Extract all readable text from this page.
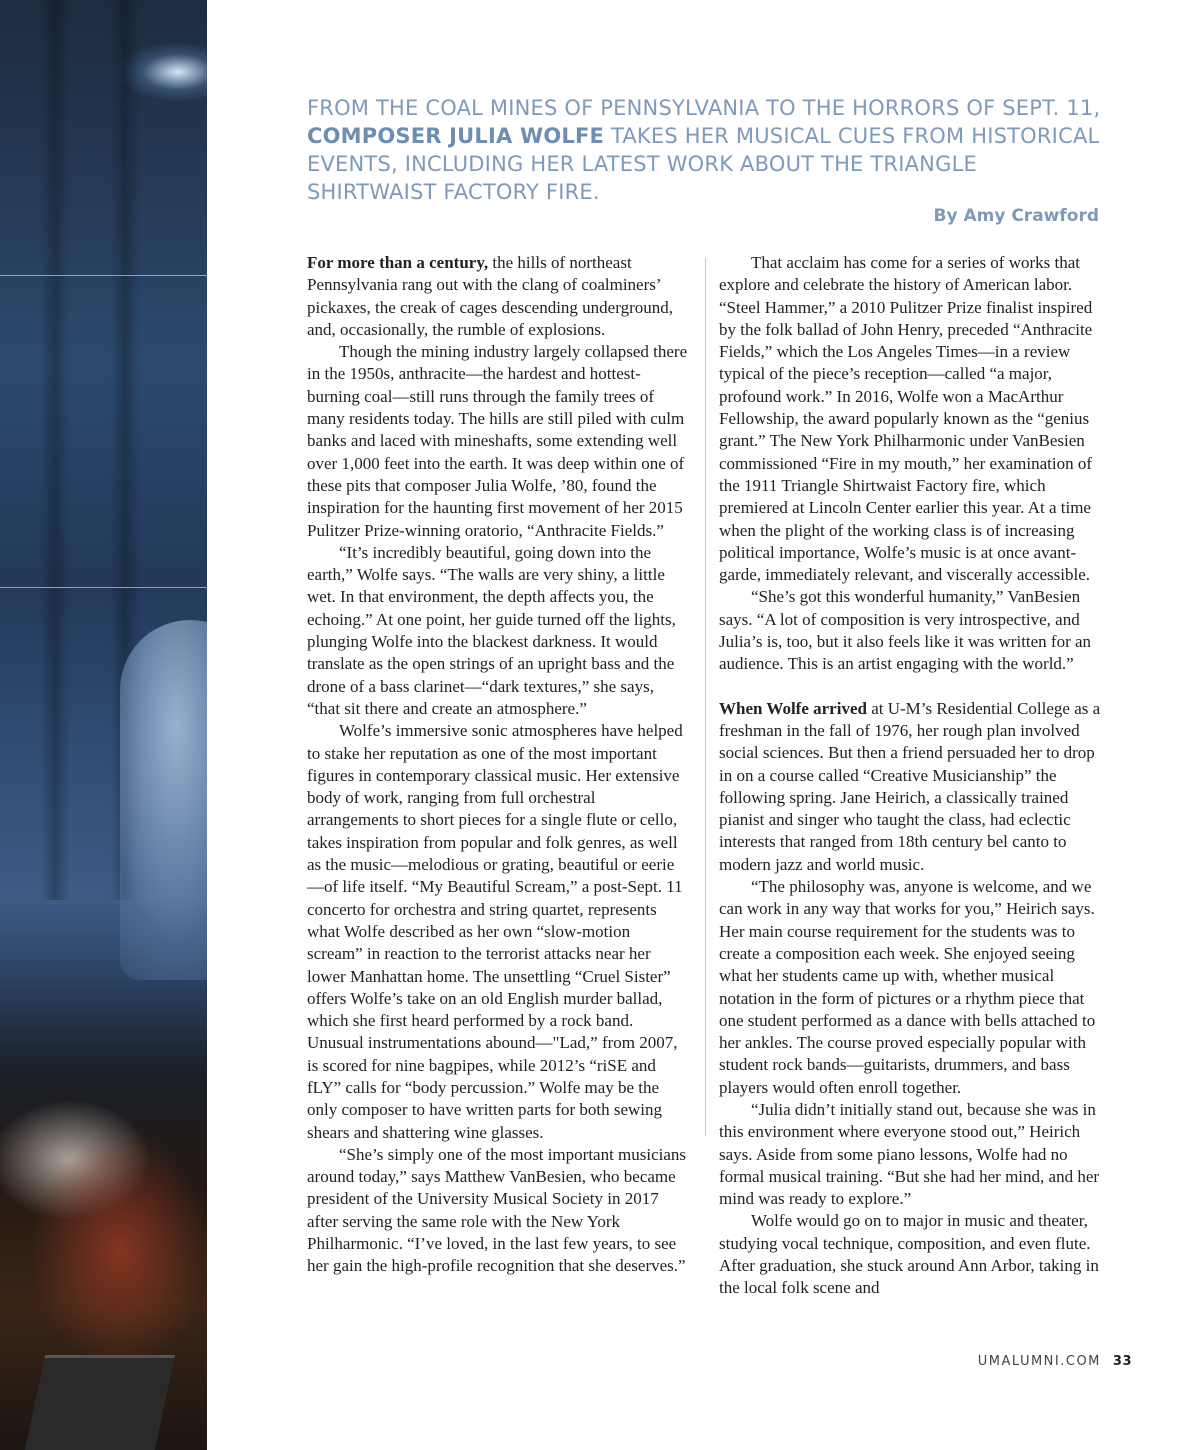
FROM THE COAL MINES OF PENNSYLVANIA TO THE HORRORS OF SEPT. 11, COMPOSER JULIA WOLFE TAKES HER MUSICAL CUES FROM HISTORICAL EVENTS, INCLUDING HER LATEST WORK ABOUT THE TRIANGLE SHIRTWAIST FACTORY FIRE.
By Amy Crawford

For more than a century, the hills of northeast Pennsylvania rang out with the clang of coalminers’ pickaxes, the creak of cages descending underground, and, occasionally, the rumble of explosions.

Though the mining industry largely collapsed there in the 1950s, anthracite—the hardest and hottest-burning coal—still runs through the family trees of many residents today. The hills are still piled with culm banks and laced with mineshafts, some extending well over 1,000 feet into the earth. It was deep within one of these pits that composer Julia Wolfe, ’80, found the inspiration for the haunting first movement of her 2015 Pulitzer Prize-winning oratorio, “Anthracite Fields.”

“It’s incredibly beautiful, going down into the earth,” Wolfe says. “The walls are very shiny, a little wet. In that environment, the depth affects you, the echoing.” At one point, her guide turned off the lights, plunging Wolfe into the blackest darkness. It would translate as the open strings of an upright bass and the drone of a bass clarinet—“dark textures,” she says, “that sit there and create an atmosphere.”

Wolfe’s immersive sonic atmospheres have helped to stake her reputation as one of the most important figures in contemporary classical music. Her extensive body of work, ranging from full orchestral arrangements to short pieces for a single flute or cello, takes inspiration from popular and folk genres, as well as the music—melodious or grating, beautiful or eerie—of life itself. “My Beautiful Scream,” a post-Sept. 11 concerto for orchestra and string quartet, represents what Wolfe described as her own “slow-motion scream” in reaction to the terrorist attacks near her lower Manhattan home. The unsettling “Cruel Sister” offers Wolfe’s take on an old English murder ballad, which she first heard performed by a rock band. Unusual instrumentations abound—"Lad,” from 2007, is scored for nine bagpipes, while 2012’s “riSE and fLY” calls for “body percussion.” Wolfe may be the only composer to have written parts for both sewing shears and shattering wine glasses.

“She’s simply one of the most important musicians around today,” says Matthew VanBesien, who became president of the University Musical Society in 2017 after serving the same role with the New York Philharmonic. “I’ve loved, in the last few years, to see her gain the high-profile recognition that she deserves.”

That acclaim has come for a series of works that explore and celebrate the history of American labor. “Steel Hammer,” a 2010 Pulitzer Prize finalist inspired by the folk ballad of John Henry, preceded “Anthracite Fields,” which the Los Angeles Times—in a review typical of the piece’s reception—called “a major, profound work.” In 2016, Wolfe won a MacArthur Fellowship, the award popularly known as the “genius grant.” The New York Philharmonic under VanBesien commissioned “Fire in my mouth,” her examination of the 1911 Triangle Shirtwaist Factory fire, which premiered at Lincoln Center earlier this year. At a time when the plight of the working class is of increasing political importance, Wolfe’s music is at once avant-garde, immediately relevant, and viscerally accessible.

“She’s got this wonderful humanity,” VanBesien says. “A lot of composition is very introspective, and Julia’s is, too, but it also feels like it was written for an audience. This is an artist engaging with the world.”

When Wolfe arrived at U-M’s Residential College as a freshman in the fall of 1976, her rough plan involved social sciences. But then a friend persuaded her to drop in on a course called “Creative Musicianship” the following spring. Jane Heirich, a classically trained pianist and singer who taught the class, had eclectic interests that ranged from 18th century bel canto to modern jazz and world music.

“The philosophy was, anyone is welcome, and we can work in any way that works for you,” Heirich says. Her main course requirement for the students was to create a composition each week. She enjoyed seeing what her students came up with, whether musical notation in the form of pictures or a rhythm piece that one student performed as a dance with bells attached to her ankles. The course proved especially popular with student rock bands—guitarists, drummers, and bass players would often enroll together.

“Julia didn’t initially stand out, because she was in this environment where everyone stood out,” Heirich says. Aside from some piano lessons, Wolfe had no formal musical training. “But she had her mind, and her mind was ready to explore.”

Wolfe would go on to major in music and theater, studying vocal technique, composition, and even flute. After graduation, she stuck around Ann Arbor, taking in the local folk scene and

UMALUMNI.COM 33
